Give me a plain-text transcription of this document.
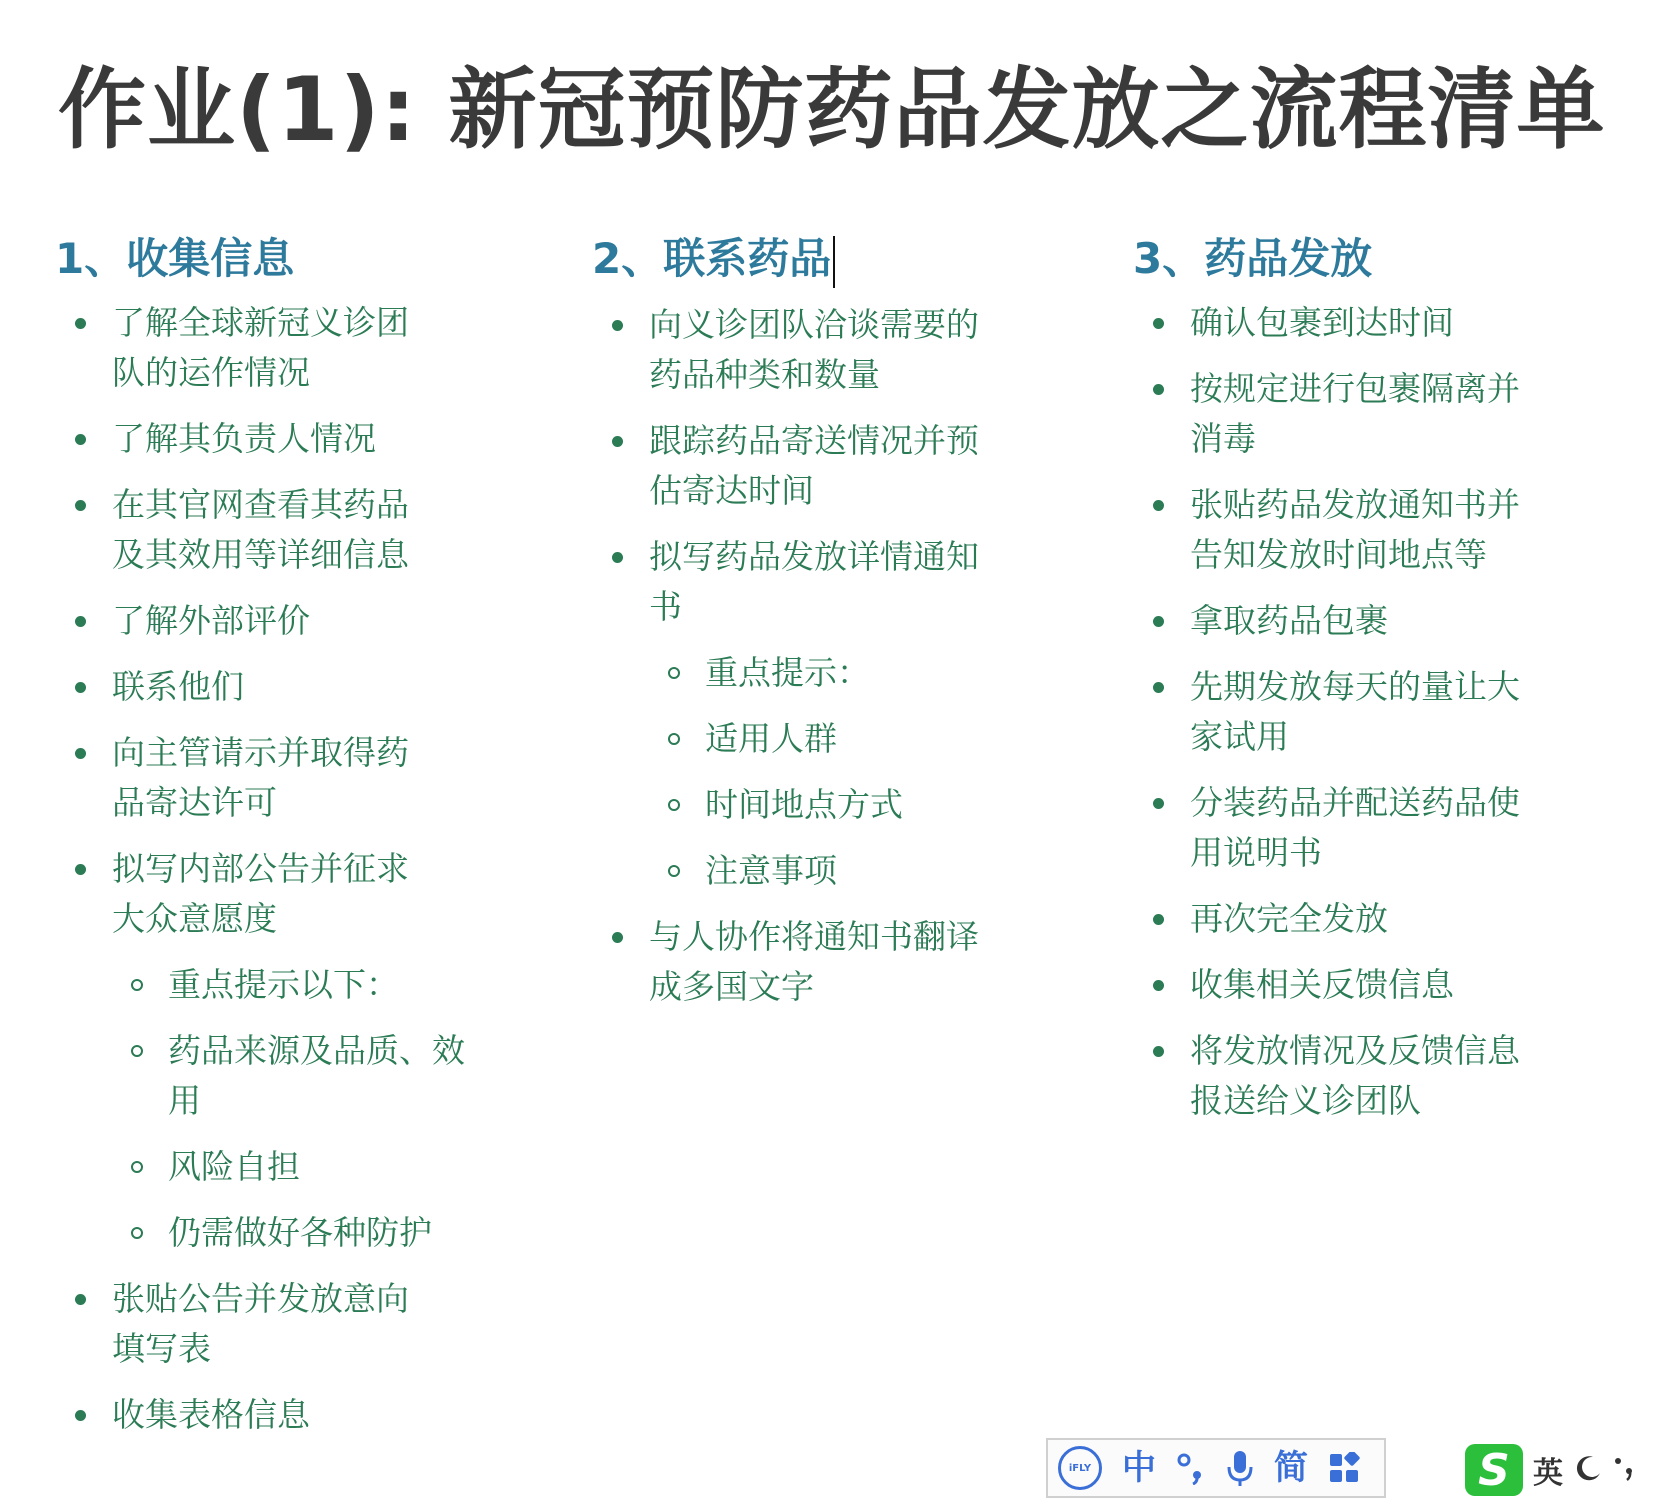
作业(1): 新冠预防药品发放之流程清单
1、收集信息
了解全球新冠义诊团队的运作情况
了解其负责人情况
在其官网查看其药品及其效用等详细信息
了解外部评价
联系他们
向主管请示并取得药品寄达许可
拟写内部公告并征求大众意愿度
重点提示以下：
药品来源及品质、效用
风险自担
仍需做好各种防护
张贴公告并发放意向填写表
收集表格信息
2、联系药品
向义诊团队洽谈需要的药品种类和数量
跟踪药品寄送情况并预估寄达时间
拟写药品发放详情通知书
重点提示：
适用人群
时间地点方式
注意事项
与人协作将通知书翻译成多国文字
3、药品发放
确认包裹到达时间
按规定进行包裹隔离并消毒
张贴药品发放通知书并告知发放时间地点等
拿取药品包裹
先期发放每天的量让大家试用
分装药品并配送药品使用说明书
再次完全发放
收集相关反馈信息
将发放情况及反馈信息报送给义诊团队
iFLY 中	简	S 英
